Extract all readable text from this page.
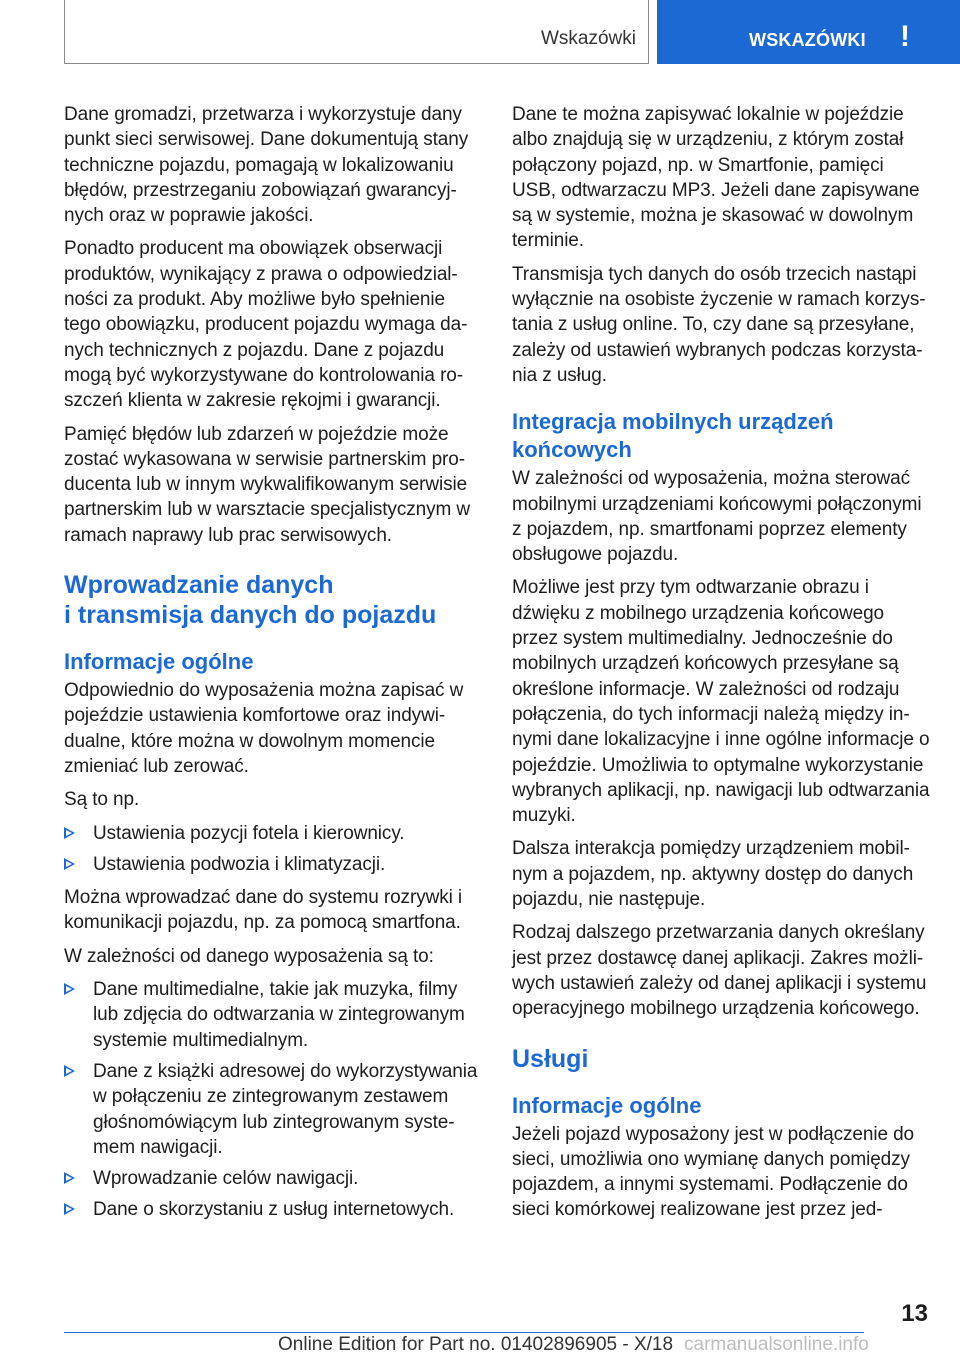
Wskazówki	WSKAZÓWKI !

Dane gromadzi, przetwarza i wykorzystuje dany punkt sieci serwisowej. Dane dokumentują stany techniczne pojazdu, pomagają w lokalizowaniu błędów, przestrzeganiu zobowiązań gwarancyjnych oraz w poprawie jakości.

Ponadto producent ma obowiązek obserwacji produktów, wynikający z prawa o odpowiedzialności za produkt. Aby możliwe było spełnienie tego obowiązku, producent pojazdu wymaga danych technicznych z pojazdu. Dane z pojazdu mogą być wykorzystywane do kontrolowania roszczeń klienta w zakresie rękojmi i gwarancji.

Pamięć błędów lub zdarzeń w pojeździe może zostać wykasowana w serwisie partnerskim producenta lub w innym wykwalifikowanym serwisie partnerskim lub w warsztacie specjalistycznym w ramach naprawy lub prac serwisowych.

Wprowadzanie danych
i transmisja danych do pojazdu
Informacje ogólne

Odpowiednio do wyposażenia można zapisać w pojeździe ustawienia komfortowe oraz indywidualne, które można w dowolnym momencie zmieniać lub zerować.

Są to np.

Ustawienia pozycji fotela i kierownicy.
Ustawienia podwozia i klimatyzacji.

Można wprowadzać dane do systemu rozrywki i komunikacji pojazdu, np. za pomocą smartfona.

W zależności od danego wyposażenia są to:

Dane multimedialne, takie jak muzyka, filmy lub zdjęcia do odtwarzania w zintegrowanym systemie multimedialnym.
Dane z książki adresowej do wykorzystywania w połączeniu ze zintegrowanym zestawem głośnomówiącym lub zintegrowanym systemem nawigacji.
Wprowadzanie celów nawigacji.
Dane o skorzystaniu z usług internetowych.

Dane te można zapisywać lokalnie w pojeździe albo znajdują się w urządzeniu, z którym został połączony pojazd, np. w Smartfonie, pamięci USB, odtwarzaczu MP3. Jeżeli dane zapisywane są w systemie, można je skasować w dowolnym terminie.

Transmisja tych danych do osób trzecich nastąpi wyłącznie na osobiste życzenie w ramach korzystania z usług online. To, czy dane są przesyłane, zależy od ustawień wybranych podczas korzystania z usług.

Integracja mobilnych urządzeń końcowych

W zależności od wyposażenia, można sterować mobilnymi urządzeniami końcowymi połączonymi z pojazdem, np. smartfonami poprzez elementy obsługowe pojazdu.

Możliwe jest przy tym odtwarzanie obrazu i dźwięku z mobilnego urządzenia końcowego przez system multimedialny. Jednocześnie do mobilnych urządzeń końcowych przesyłane są określone informacje. W zależności od rodzaju połączenia, do tych informacji należą między innymi dane lokalizacyjne i inne ogólne informacje o pojeździe. Umożliwia to optymalne wykorzystanie wybranych aplikacji, np. nawigacji lub odtwarzania muzyki.

Dalsza interakcja pomiędzy urządzeniem mobilnym a pojazdem, np. aktywny dostęp do danych pojazdu, nie następuje.

Rodzaj dalszego przetwarzania danych określany jest przez dostawcę danej aplikacji. Zakres możliwych ustawień zależy od danej aplikacji i systemu operacyjnego mobilnego urządzenia końcowego.

Usługi
Informacje ogólne

Jeżeli pojazd wyposażony jest w podłączenie do sieci, umożliwia ono wymianę danych pomiędzy pojazdem, a innymi systemami. Podłączenie do sieci komórkowej realizowane jest przez jed-

13
Online Edition for Part no. 01402896905 - X/18 carmanualsonline.info
